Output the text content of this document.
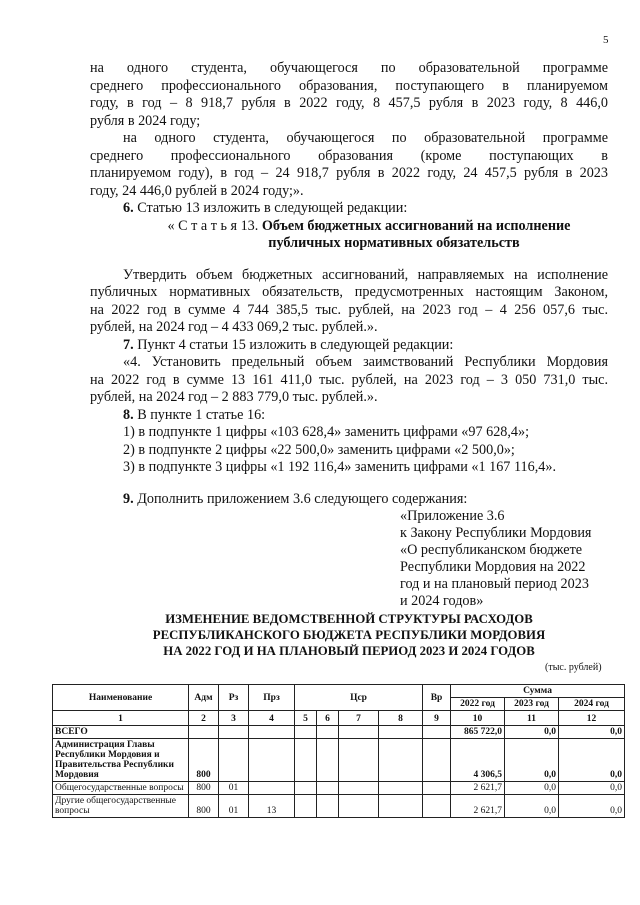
5

на одного студента, обучающегося по образовательной программе

среднего профессионального образования, поступающего в планируемом

году, в год – 8 918,7 рубля в 2022 году, 8 457,5 рубля в 2023 году, 8 446,0

рубля в 2024 году;

на одного студента, обучающегося по образовательной программе

среднего профессионального образования (кроме поступающих в

планируемом году), в год – 24 918,7 рубля в 2022 году, 24 457,5 рубля в 2023

году, 24 446,0 рублей в 2024 году;».

6. Статью 13 изложить в следующей редакции:

« С т а т ь я 13. Объем бюджетных ассигнований на исполнение

публичных нормативных обязательств

Утвердить объем бюджетных ассигнований, направляемых на исполнение

публичных нормативных обязательств, предусмотренных настоящим Законом,

на 2022 год в сумме 4 744 385,5 тыс. рублей, на 2023 год – 4 256 057,6 тыс.

рублей, на 2024 год – 4 433 069,2 тыс. рублей.».

7. Пункт 4 статьи 15 изложить в следующей редакции:

«4. Установить предельный объем заимствований Республики Мордовия

на 2022 год в сумме 13 161 411,0 тыс. рублей, на 2023 год – 3 050 731,0 тыс.

рублей, на 2024 год – 2 883 779,0 тыс. рублей.».

8. В пункте 1 статье 16:

1) в подпункте 1 цифры «103 628,4» заменить цифрами «97 628,4»;

2) в подпункте 2 цифры «22 500,0» заменить цифрами «2 500,0»;

3) в подпункте 3 цифры «1 192 116,4» заменить цифрами «1 167 116,4».

9. Дополнить приложением 3.6 следующего содержания:

«Приложение 3.6
к Закону Республики Мордовия
«О республиканском бюджете
Республики Мордовия на 2022
год и на плановый период 2023
и 2024 годов»
ИЗМЕНЕНИЕ ВЕДОМСТВЕННОЙ СТРУКТУРЫ РАСХОДОВ
РЕСПУБЛИКАНСКОГО БЮДЖЕТА РЕСПУБЛИКИ МОРДОВИЯ
НА 2022 ГОД И НА ПЛАНОВЫЙ ПЕРИОД 2023 И 2024 ГОДОВ
(тыс. рублей)
Наименование	Адм	Рз	Прз	Цср				Вр	Сумма		
									2022 год	2023 год	2024 год
1	2	3	4	5	6	7	8	9	10	11	12
ВСЕГО									865 722,0	0,0	0,0
Администрация Главы Республики Мордовия и Правительства Республики Мордовия	800								4 306,5	0,0	0,0
Общегосударственные вопросы	800	01							2 621,7	0,0	0,0
Другие общегосударственные вопросы	800	01	13						2 621,7	0,0	0,0
